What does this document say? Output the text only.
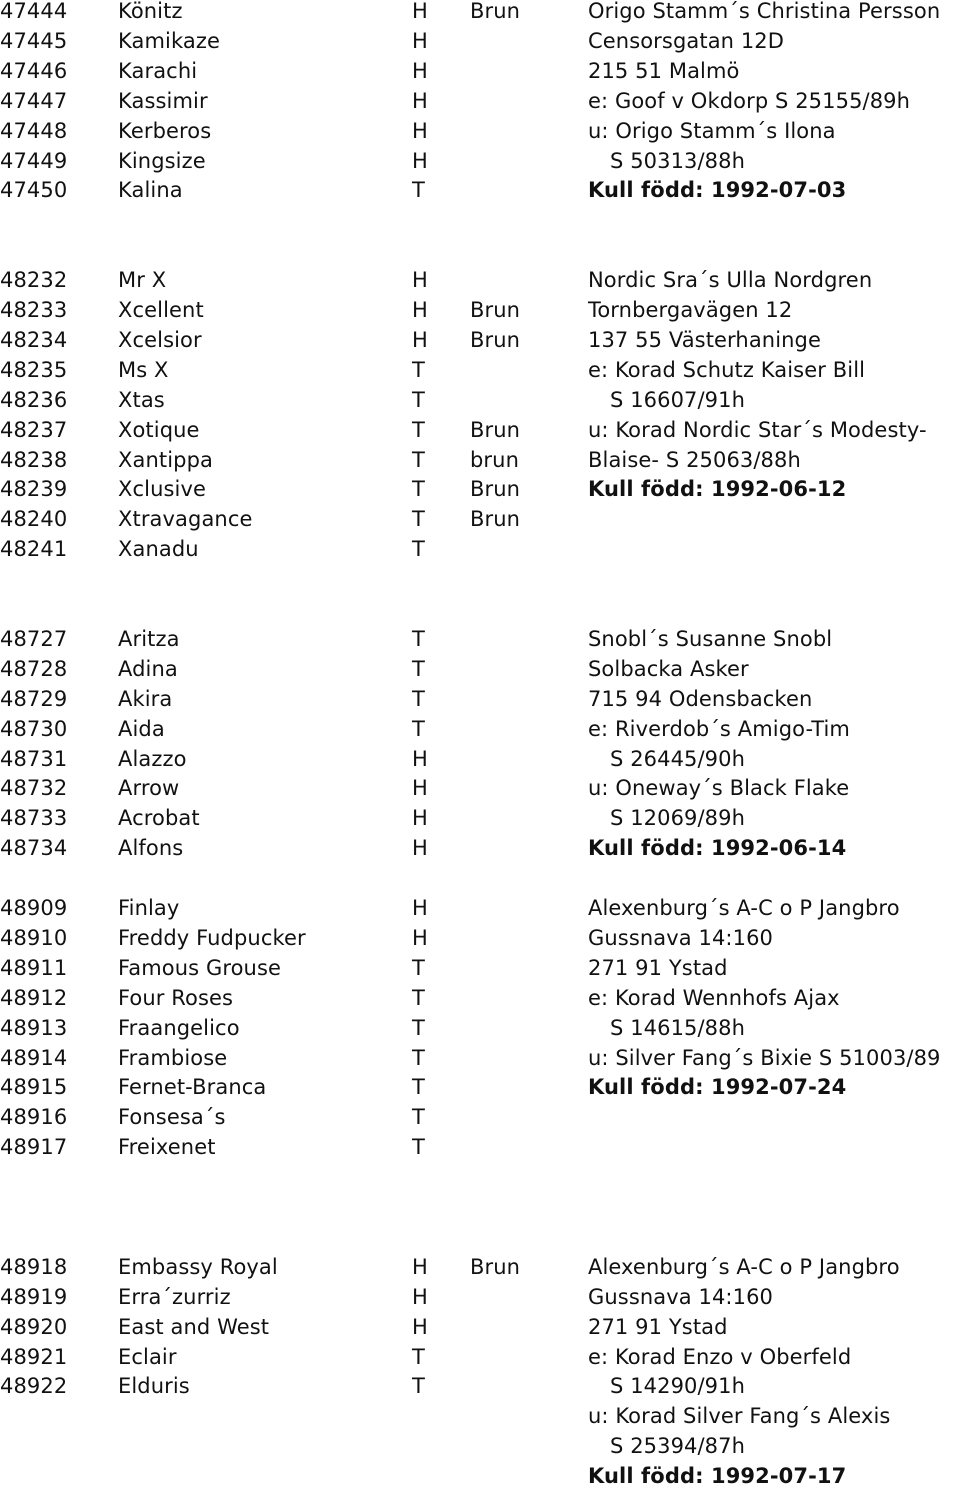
47444 Könitz	H Brun	Origo Stamm´s Christina Persson
47445 Kamikaze	H	Censorsgatan 12D
47446 Karachi	H	215 51 Malmö
47447 Kassimir	H	e: Goof v Okdorp S 25155/89h
47448 Kerberos	H	u: Origo Stamm´s Ilona
47449 Kingsize	H	S 50313/88h
47450 Kalina	T	Kull född: 1992-07-03
48232 Mr X	H	Nordic Sra´s Ulla Nordgren
48233 Xcellent	H Brun	Tornbergavägen 12
48234 Xcelsior	H Brun	137 55 Västerhaninge
48235 Ms X	T	e: Korad Schutz Kaiser Bill
48236 Xtas	T	S 16607/91h
48237 Xotique	T Brun	u: Korad Nordic Star´s Modesty-
48238 Xantippa	T brun	Blaise- S 25063/88h
48239 Xclusive	T Brun	Kull född: 1992-06-12
48240 Xtravagance	T Brun
48241 Xanadu	T
48727 Aritza	T	Snobl´s Susanne Snobl
48728 Adina	T	Solbacka Asker
48729 Akira	T	715 94 Odensbacken
48730 Aida	T	e: Riverdob´s Amigo-Tim
48731 Alazzo	H	S 26445/90h
48732 Arrow	H	u: Oneway´s Black Flake
48733 Acrobat	H	S 12069/89h
48734 Alfons	H	Kull född: 1992-06-14
48909 Finlay	H	Alexenburg´s A-C o P Jangbro
48910 Freddy Fudpucker	H	Gussnava 14:160
48911 Famous Grouse	T	271 91 Ystad
48912 Four Roses	T	e: Korad Wennhofs Ajax
48913 Fraangelico	T	S 14615/88h
48914 Frambiose	T	u: Silver Fang´s Bixie S 51003/89
48915 Fernet-Branca	T	Kull född: 1992-07-24
48916 Fonsesa´s	T
48917 Freixenet	T
48918 Embassy Royal	H Brun	Alexenburg´s A-C o P Jangbro
48919 Erra´zurriz	H	Gussnava 14:160
48920 East and West	H	271 91 Ystad
48921 Eclair	T	e: Korad Enzo v Oberfeld
48922 Elduris	T	S 14290/91h
u: Korad Silver Fang´s Alexis
S 25394/87h
Kull född: 1992-07-17
